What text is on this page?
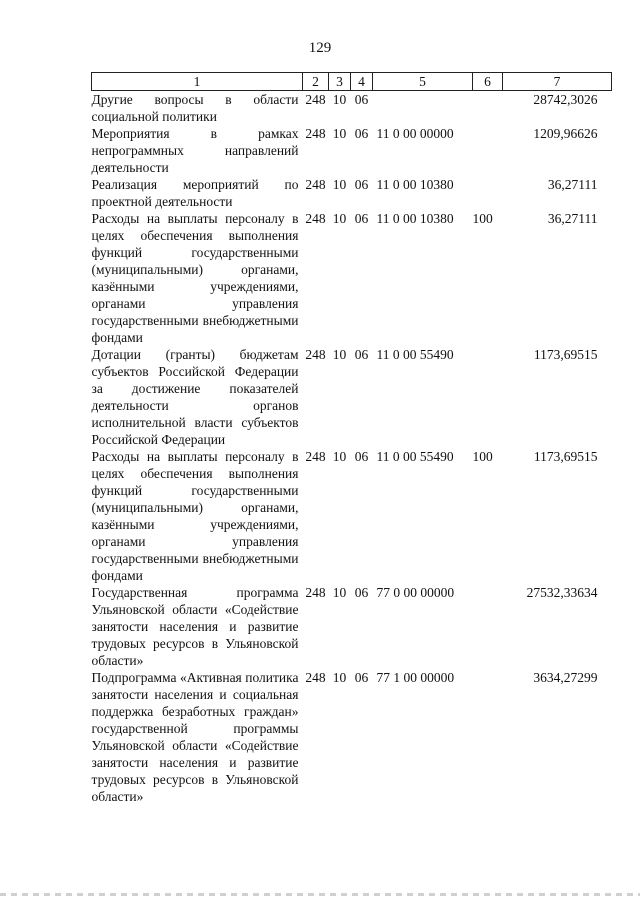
129
1	2	3	4	5	6	7
Другие вопросы в области социальной политики	248	10	06			28742,3026
Мероприятия в рамках непрограммных направлений деятельности	248	10	06	11 0 00 00000		1209,96626
Реализация мероприятий по проектной деятельности	248	10	06	11 0 00 10380		36,27111
Расходы на выплаты персоналу в целях обеспечения выполнения функций государственными (муниципальными) органами, казёнными учреждениями, органами управления государственными внебюджетными фондами	248	10	06	11 0 00 10380	100	36,27111
Дотации (гранты) бюджетам субъектов Российской Федерации за достижение показателей деятельности органов исполнительной власти субъектов Российской Федерации	248	10	06	11 0 00 55490		1173,69515
Расходы на выплаты персоналу в целях обеспечения выполнения функций государственными (муниципальными) органами, казёнными учреждениями, органами управления государственными внебюджетными фондами	248	10	06	11 0 00 55490	100	1173,69515
Государственная программа Ульяновской области «Содействие занятости населения и развитие трудовых ресурсов в Ульяновской области»	248	10	06	77 0 00 00000		27532,33634
Подпрограмма «Активная политика занятости населения и социальная поддержка безработных граждан» государственной программы Ульяновской области «Содействие занятости населения и развитие трудовых ресурсов в Ульяновской области»	248	10	06	77 1 00 00000		3634,27299
